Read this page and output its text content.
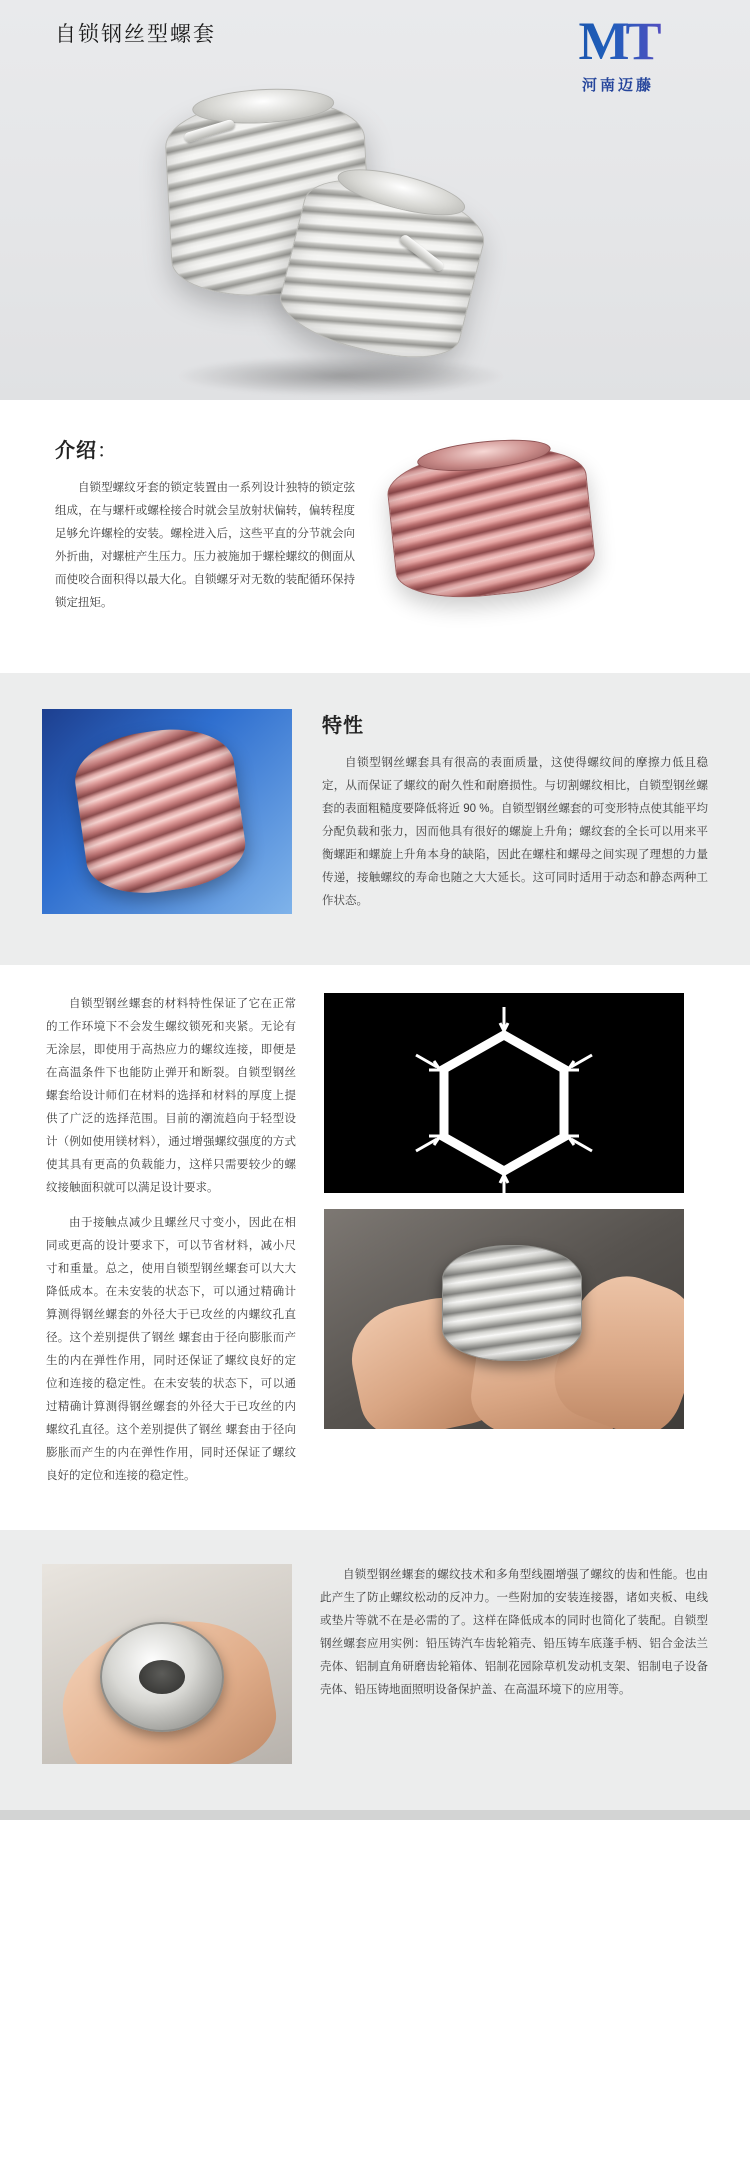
自锁钢丝型螺套	MT
河南迈藤
介绍：

自锁型螺纹牙套的锁定装置由一系列设计独特的锁定弦组成，在与螺杆或螺栓接合时就会呈放射状偏转，偏转程度足够允许螺栓的安装。螺栓进入后，这些平直的分节就会向外折曲，对螺桩产生压力。压力被施加于螺栓螺纹的侧面从而使咬合面积得以最大化。自锁螺牙对无数的装配循环保持锁定扭矩。

特性

自锁型钢丝螺套具有很高的表面质量，这使得螺纹间的摩擦力低且稳定，从而保证了螺纹的耐久性和耐磨损性。与切割螺纹相比，自锁型钢丝螺套的表面粗糙度要降低将近 90 %。自锁型钢丝螺套的可变形特点使其能平均分配负载和张力，因而他具有很好的螺旋上升角；螺纹套的全长可以用来平衡螺距和螺旋上升角本身的缺陷，因此在螺柱和螺母之间实现了理想的力量传递，接触螺纹的寿命也随之大大延长。这可同时适用于动态和静态两种工作状态。

自锁型钢丝螺套的材料特性保证了它在正常的工作环境下不会发生螺纹锁死和夹紧。无论有无涂层，即使用于高热应力的螺纹连接，即便是在高温条件下也能防止弹开和断裂。自锁型钢丝螺套给设计师们在材料的选择和材料的厚度上提供了广泛的选择范围。目前的潮流趋向于轻型设计（例如使用镁材料），通过增强螺纹强度的方式使其具有更高的负载能力，这样只需要较少的螺纹接触面积就可以满足设计要求。

由于接触点减少且螺丝尺寸变小，因此在相同或更高的设计要求下，可以节省材料，减小尺寸和重量。总之，使用自锁型钢丝螺套可以大大降低成本。在未安装的状态下，可以通过精确计算测得钢丝螺套的外径大于已攻丝的内螺纹孔直径。这个差别提供了钢丝 螺套由于径向膨胀而产生的内在弹性作用，同时还保证了螺纹良好的定位和连接的稳定性。在未安装的状态下，可以通过精确计算测得钢丝螺套的外径大于已攻丝的内螺纹孔直径。这个差别提供了钢丝 螺套由于径向膨胀而产生的内在弹性作用，同时还保证了螺纹良好的定位和连接的稳定性。

自锁型钢丝螺套的螺纹技术和多角型线圈增强了螺纹的齿和性能。也由此产生了防止螺纹松动的反冲力。一些附加的安装连接器，诸如夹板、电线或垫片等就不在是必需的了。这样在降低成本的同时也简化了装配。自锁型钢丝螺套应用实例：铅压铸汽车齿轮箱壳、铅压铸车底蓬手柄、铝合金法兰壳体、铝制直角研磨齿轮箱体、铝制花园除草机发动机支架、铝制电子设备壳体、铅压铸地面照明设备保护盖、在高温环境下的应用等。
